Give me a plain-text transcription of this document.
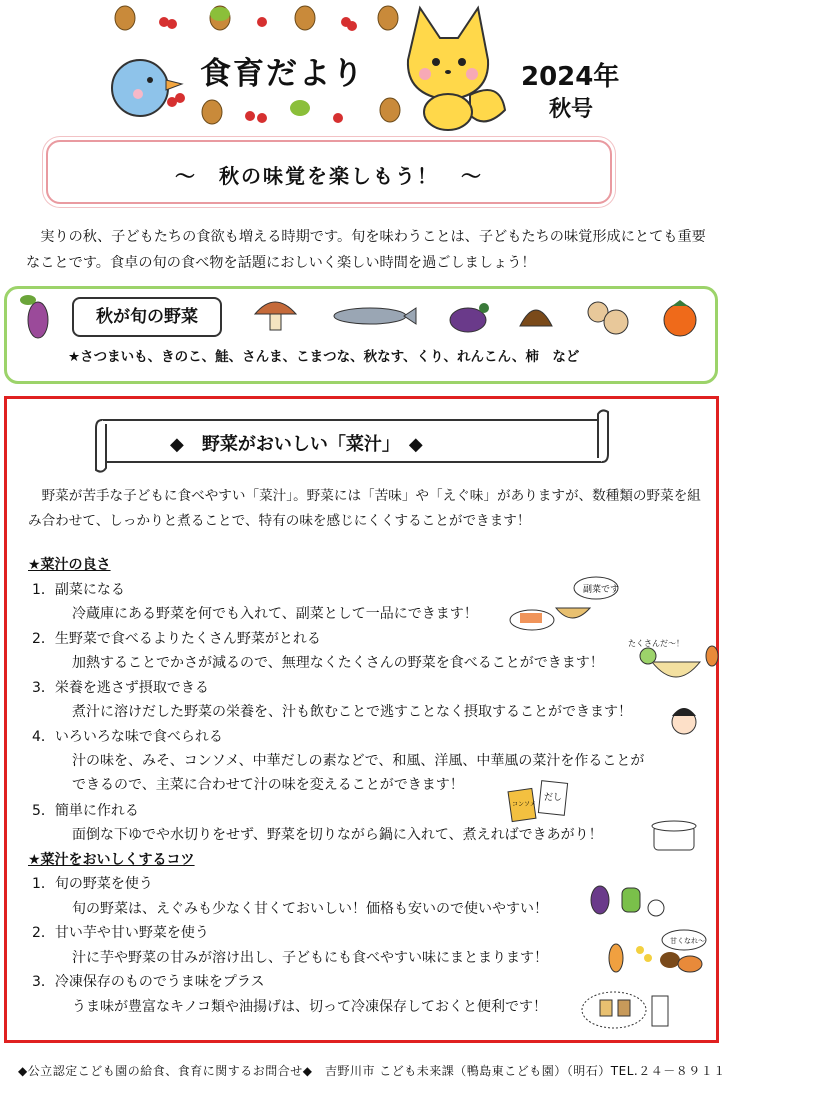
食育だより	2024年
秋号
～　秋の味覚を楽しもう！　～
実りの秋、子どもたちの食欲も増える時期です。旬を味わうことは、子どもたちの味覚形成にとても重要なことです。食卓の旬の食べ物を話題におしいく楽しい時間を過ごしましょう！
秋が旬の野菜
★さつまいも、きのこ、鮭、さんま、こまつな、秋なす、くり、れんこん、柿　など
◆　野菜がおいしい「菜汁」　◆
野菜が苦手な子どもに食べやすい「菜汁」。野菜には「苦味」や「えぐ味」がありますが、数種類の野菜を組み合わせて、しっかりと煮ることで、特有の味を感じにくくすることができます！
★菜汁の良さ
1．副菜になる
冷蔵庫にある野菜を何でも入れて、副菜として一品にできます！
2．生野菜で食べるよりたくさん野菜がとれる
加熱することでかさが減るので、無理なくたくさんの野菜を食べることができます！
3．栄養を逃さず摂取できる
煮汁に溶けだした野菜の栄養を、汁も飲むことで逃すことなく摂取することができます！
4．いろいろな味で食べられる
汁の味を、みそ、コンソメ、中華だしの素などで、和風、洋風、中華風の菜汁を作ることが
できるので、主菜に合わせて汁の味を変えることができます！
5．簡単に作れる
面倒な下ゆでや水切りをせず、野菜を切りながら鍋に入れて、煮えればできあがり！
★菜汁をおいしくするコツ
1．旬の野菜を使う
旬の野菜は、えぐみも少なく甘くておいしい！価格も安いので使いやすい！
2．甘い芋や甘い野菜を使う
汁に芋や野菜の甘みが溶け出し、子どもにも食べやすい味にまとまります！
3．冷凍保存のものでうま味をプラス
うま味が豊富なキノコ類や油揚げは、切って冷凍保存しておくと便利です！
副菜です
たくさんだ～！
だし
コンソメ
甘くなれ～
◆公立認定こども園の給食、食育に関するお問合せ◆　吉野川市 こども未来課（鴨島東こども園）（明石）TEL.２４－８９１１
